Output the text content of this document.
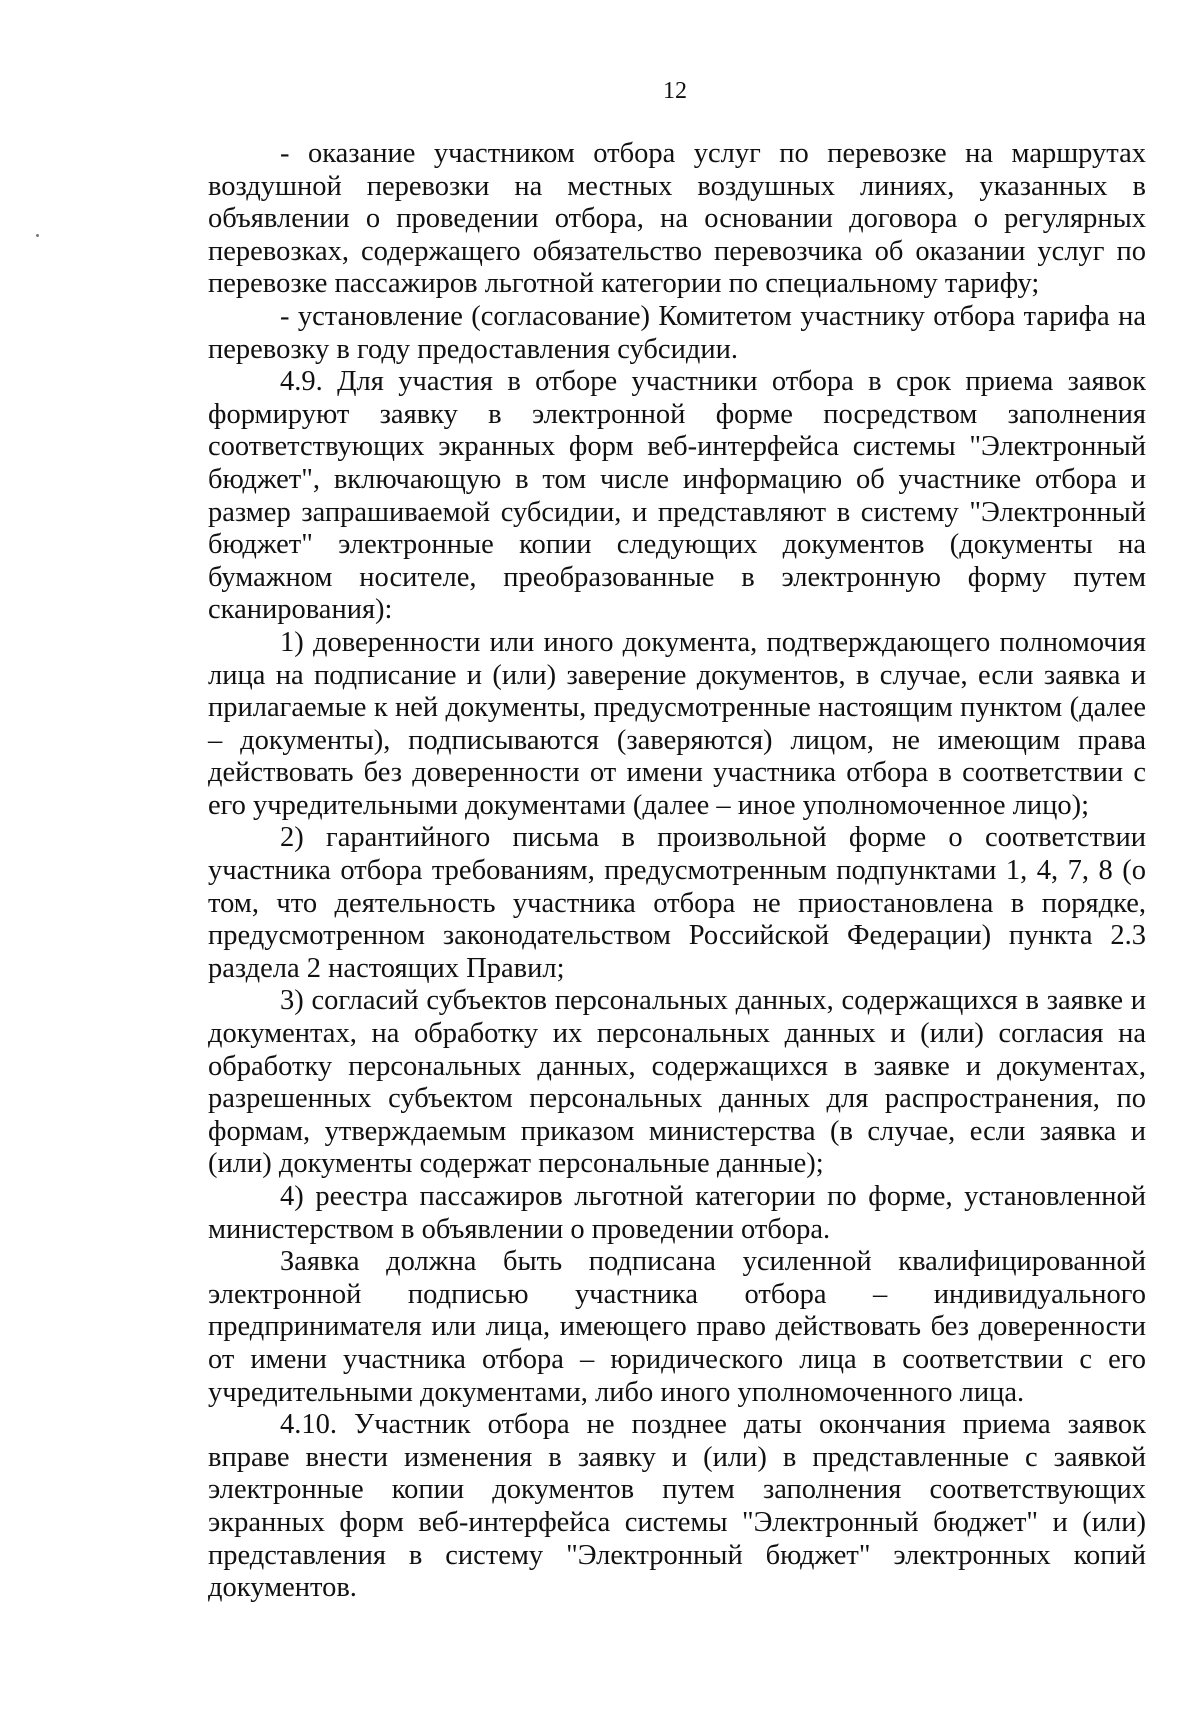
12

- оказание участником отбора услуг по перевозке на маршрутах воздушной перевозки на местных воздушных линиях, указанных в объявлении о проведении отбора, на основании договора о регулярных перевозках, содержащего обязательство перевозчика об оказании услуг по перевозке пассажиров льготной категории по специальному тарифу;

- установление (согласование) Комитетом участнику отбора тарифа на перевозку в году предоставления субсидии.

4.9. Для участия в отборе участники отбора в срок приема заявок формируют заявку в электронной форме посредством заполнения соответствующих экранных форм веб-интерфейса системы "Электронный бюджет", включающую в том числе информацию об участнике отбора и размер запрашиваемой субсидии, и представляют в систему "Электронный бюджет" электронные копии следующих документов (документы на бумажном носителе, преобразованные в электронную форму путем сканирования):

1) доверенности или иного документа, подтверждающего полномочия лица на подписание и (или) заверение документов, в случае, если заявка и прилагаемые к ней документы, предусмотренные настоящим пунктом (далее – документы), подписываются (заверяются) лицом, не имеющим права действовать без доверенности от имени участника отбора в соответствии с его учредительными документами (далее – иное уполномоченное лицо);

2) гарантийного письма в произвольной форме о соответствии участника отбора требованиям, предусмотренным подпунктами 1, 4, 7, 8 (о том, что деятельность участника отбора не приостановлена в порядке, предусмотренном законодательством Российской Федерации) пункта 2.3 раздела 2 настоящих Правил;

3) согласий субъектов персональных данных, содержащихся в заявке и документах, на обработку их персональных данных и (или) согласия на обработку персональных данных, содержащихся в заявке и документах, разрешенных субъектом персональных данных для распространения, по формам, утверждаемым приказом министерства (в случае, если заявка и (или) документы содержат персональные данные);

4) реестра пассажиров льготной категории по форме, установленной министерством в объявлении о проведении отбора.

Заявка должна быть подписана усиленной квалифицированной электронной подписью участника отбора – индивидуального предпринимателя или лица, имеющего право действовать без доверенности от имени участника отбора – юридического лица в соответствии с его учредительными документами, либо иного уполномоченного лица.

4.10. Участник отбора не позднее даты окончания приема заявок вправе внести изменения в заявку и (или) в представленные с заявкой электронные копии документов путем заполнения соответствующих экранных форм веб-интерфейса системы "Электронный бюджет" и (или) представления в систему "Электронный бюджет" электронных копий документов.
